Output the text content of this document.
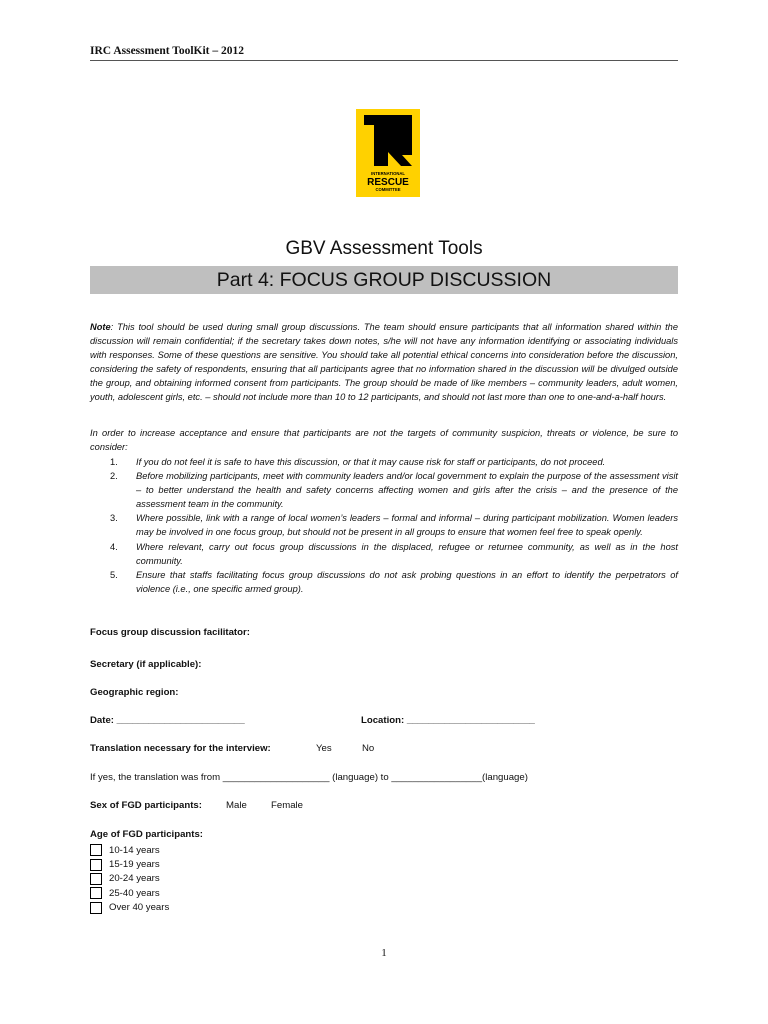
IRC Assessment ToolKit – 2012
INTERNATIONAL
RESCUE
COMMITTEE
GBV Assessment Tools
Part 4: FOCUS GROUP DISCUSSION
Note: This tool should be used during small group discussions. The team should ensure participants that all information shared within the discussion will remain confidential; if the secretary takes down notes, s/he will not have any information identifying or associating individuals with responses. Some of these questions are sensitive. You should take all potential ethical concerns into consideration before the discussion, considering the safety of respondents, ensuring that all participants agree that no information shared in the discussion will be divulged outside the group, and obtaining informed consent from participants. The group should be made of like members – community leaders, adult women, youth, adolescent girls, etc. – should not include more than 10 to 12 participants, and should not last more than one to one-and-a-half hours.
In order to increase acceptance and ensure that participants are not the targets of community suspicion, threats or violence, be sure to consider:
1. If you do not feel it is safe to have this discussion, or that it may cause risk for staff or participants, do not proceed.
2. Before mobilizing participants, meet with community leaders and/or local government to explain the purpose of the assessment visit – to better understand the health and safety concerns affecting women and girls after the crisis – and the presence of the assessment team in the community.
3. Where possible, link with a range of local women’s leaders – formal and informal – during participant mobilization. Women leaders may be involved in one focus group, but should not be present in all groups to ensure that women feel free to speak openly.
4. Where relevant, carry out focus group discussions in the displaced, refugee or returnee community, as well as in the host community.
5. Ensure that staffs facilitating focus group discussions do not ask probing questions in an effort to identify the perpetrators of violence (i.e., one specific armed group).
Focus group discussion facilitator:
Secretary (if applicable):
Geographic region:
Date: ________________________	Location: ________________________
Translation necessary for the interview:	Yes	No
If yes, the translation was from ____________________ (language) to _________________(language)
Sex of FGD participants:	Male	Female
Age of FGD participants:
10-14 years
15-19 years
20-24 years
25-40 years
Over 40 years
1
